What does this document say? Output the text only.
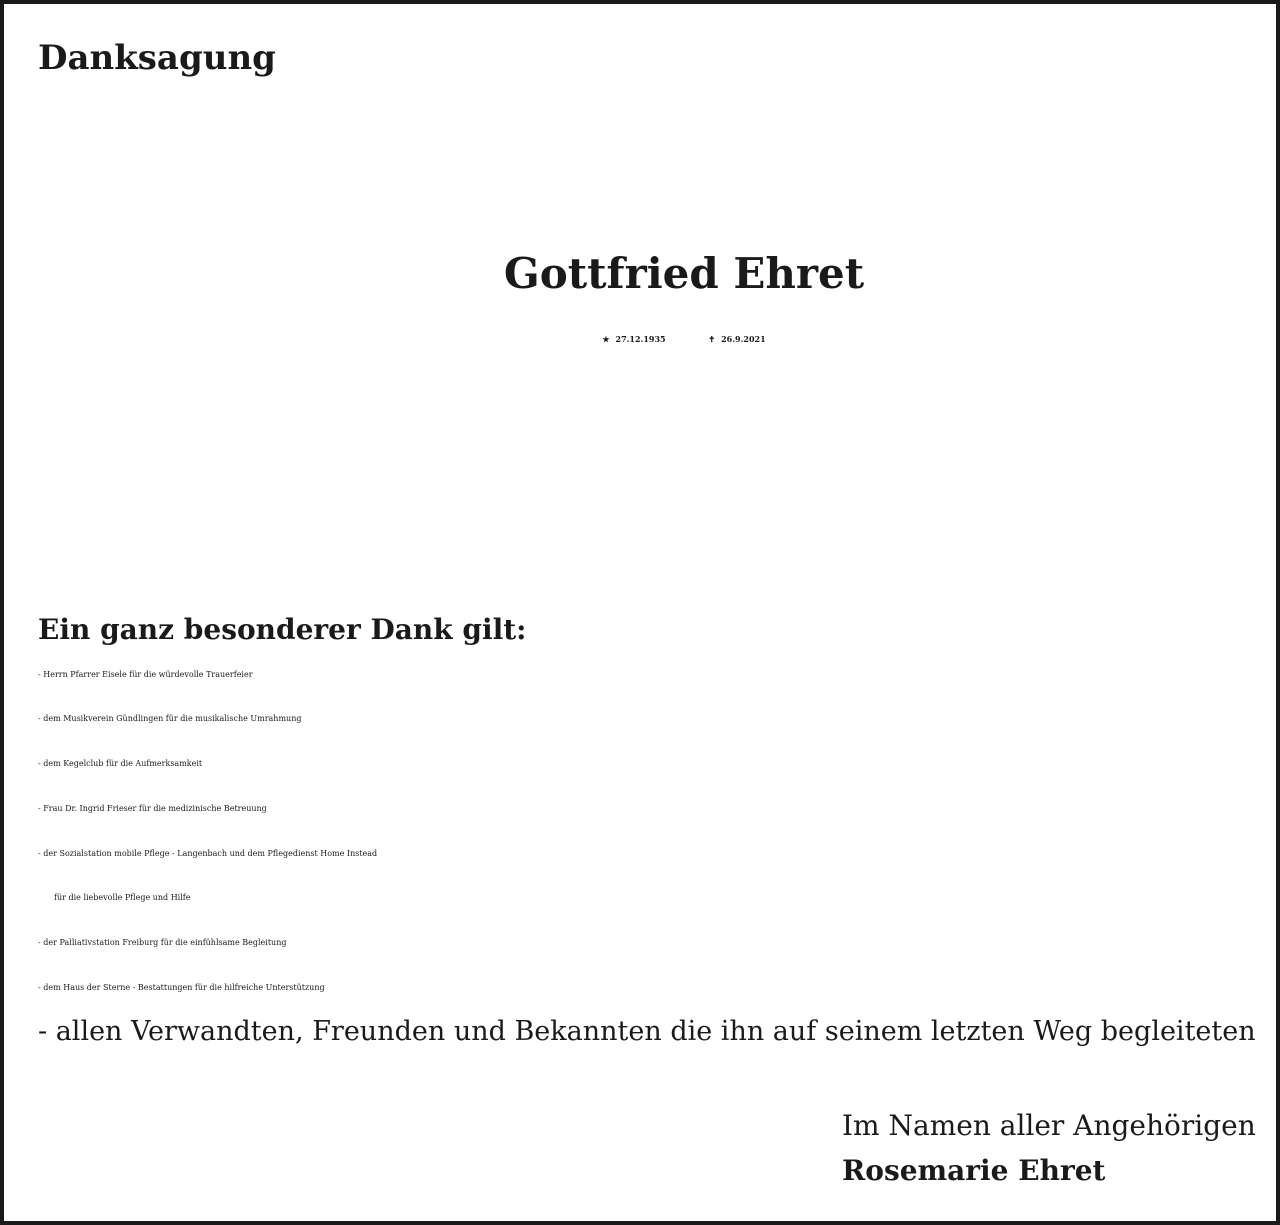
Danksagung
Gottfried Ehret
★ 27.12.1935	✝ 26.9.2021
Ein ganz besonderer Dank gilt:
- Herrn Pfarrer Eisele für die würdevolle Trauerfeier
- dem Musikverein Gündlingen für die musikalische Umrahmung
- dem Kegelclub für die Aufmerksamkeit
- Frau Dr. Ingrid Frieser für die medizinische Betreuung
- der Sozialstation mobile Pflege - Langenbach und dem Pflegedienst Home Instead
für die liebevolle Pflege und Hilfe
- der Palliativstation Freiburg für die einfühlsame Begleitung
- dem Haus der Sterne - Bestattungen für die hilfreiche Unterstützung
- allen Verwandten, Freunden und Bekannten die ihn auf seinem letzten Weg begleiteten
Im Namen aller Angehörigen
Rosemarie Ehret
